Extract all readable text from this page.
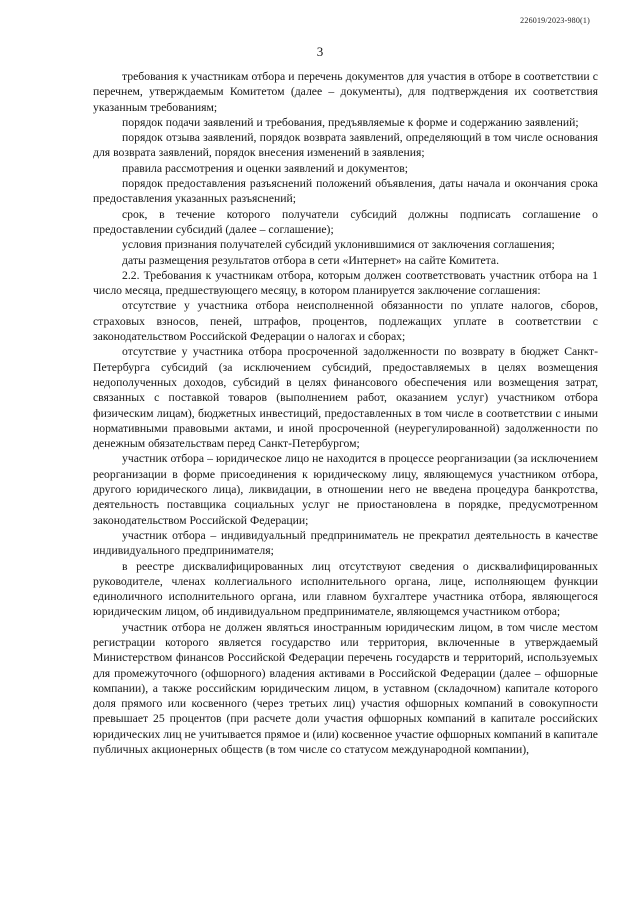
226019/2023-980(1)
3

требования к участникам отбора и перечень документов для участия в отборе в соответствии с перечнем, утверждаемым Комитетом (далее – документы), для подтверждения их соответствия указанным требованиям;

порядок подачи заявлений и требования, предъявляемые к форме и содержанию заявлений;

порядок отзыва заявлений, порядок возврата заявлений, определяющий в том числе основания для возврата заявлений, порядок внесения изменений в заявления;

правила рассмотрения и оценки заявлений и документов;

порядок предоставления разъяснений положений объявления, даты начала и окончания срока предоставления указанных разъяснений;

срок, в течение которого получатели субсидий должны подписать соглашение о предоставлении субсидий (далее – соглашение);

условия признания получателей субсидий уклонившимися от заключения соглашения;

даты размещения результатов отбора в сети «Интернет» на сайте Комитета.

2.2. Требования к участникам отбора, которым должен соответствовать участник отбора на 1 число месяца, предшествующего месяцу, в котором планируется заключение соглашения:

отсутствие у участника отбора неисполненной обязанности по уплате налогов, сборов, страховых взносов, пеней, штрафов, процентов, подлежащих уплате в соответствии с законодательством Российской Федерации о налогах и сборах;

отсутствие у участника отбора просроченной задолженности по возврату в бюджет Санкт-Петербурга субсидий (за исключением субсидий, предоставляемых в целях возмещения недополученных доходов, субсидий в целях финансового обеспечения или возмещения затрат, связанных с поставкой товаров (выполнением работ, оказанием услуг) участником отбора физическим лицам), бюджетных инвестиций, предоставленных в том числе в соответствии с иными нормативными правовыми актами, и иной просроченной (неурегулированной) задолженности по денежным обязательствам перед Санкт-Петербургом;

участник отбора – юридическое лицо не находится в процессе реорганизации (за исключением реорганизации в форме присоединения к юридическому лицу, являющемуся участником отбора, другого юридического лица), ликвидации, в отношении него не введена процедура банкротства, деятельность поставщика социальных услуг не приостановлена в порядке, предусмотренном законодательством Российской Федерации;

участник отбора – индивидуальный предприниматель не прекратил деятельность в качестве индивидуального предпринимателя;

в реестре дисквалифицированных лиц отсутствуют сведения о дисквалифицированных руководителе, членах коллегиального исполнительного органа, лице, исполняющем функции единоличного исполнительного органа, или главном бухгалтере участника отбора, являющегося юридическим лицом, об индивидуальном предпринимателе, являющемся участником отбора;

участник отбора не должен являться иностранным юридическим лицом, в том числе местом регистрации которого является государство или территория, включенные в утверждаемый Министерством финансов Российской Федерации перечень государств и территорий, используемых для промежуточного (офшорного) владения активами в Российской Федерации (далее – офшорные компании), а также российским юридическим лицом, в уставном (складочном) капитале которого доля прямого или косвенного (через третьих лиц) участия офшорных компаний в совокупности превышает 25 процентов (при расчете доли участия офшорных компаний в капитале российских юридических лиц не учитывается прямое и (или) косвенное участие офшорных компаний в капитале публичных акционерных обществ (в том числе со статусом международной компании),
